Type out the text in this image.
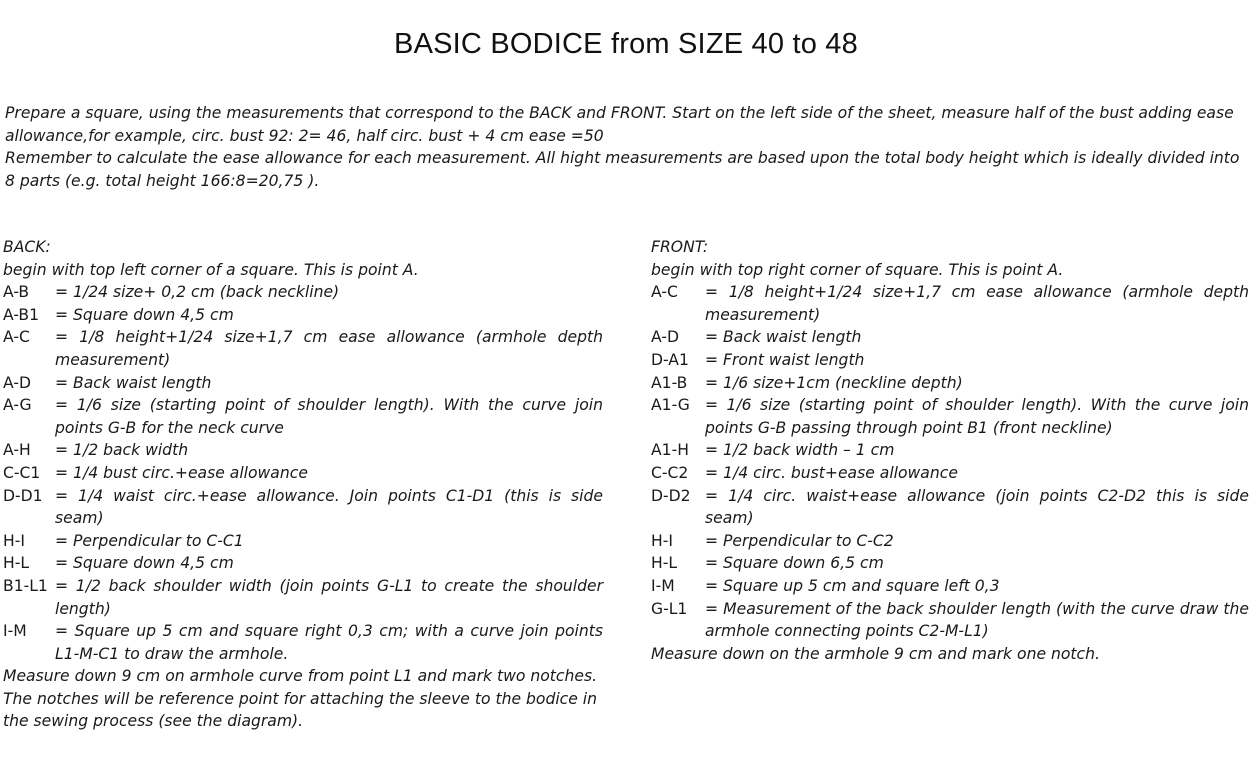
BASIC BODICE from SIZE 40 to 48

Prepare a square, using the measurements that correspond to the BACK and FRONT. Start on the left side of the sheet, measure half of the bust adding ease allowance,for example, circ. bust 92: 2= 46, half circ. bust + 4 cm ease =50

Remember to calculate the ease allowance for each measurement. All hight measurements are based upon the total body height which is ideally divided into 8 parts (e.g. total height 166:8=20,75 ).

BACK:

begin with top left corner of a square. This is point A.

A-B	= 1/24 size+ 0,2 cm (back neckline)
A-B1	= Square down 4,5 cm
A-C	= 1/8 height+1/24 size+1,7 cm ease allowance (armhole depth measurement)
A-D	= Back waist length
A-G	= 1/6 size (starting point of shoulder length). With the curve join points G-B for the neck curve
A-H	= 1/2 back width
C-C1 = 1/4 bust circ.+ease allowance
D-D1 = 1/4 waist circ.+ease allowance. Join points C1-D1 (this is side seam)
H-I	= Perpendicular to C-C1
H-L	= Square down 4,5 cm
B1-L1 = 1/2 back shoulder width (join points G-L1 to create the shoulder length)
I-M	= Square up 5 cm and square right 0,3 cm; with a curve join points L1-M-C1 to draw the armhole.

Measure down 9 cm on armhole curve from point L1 and mark two notches. The notches will be reference point for attaching the sleeve to the bodice in the sewing process (see the diagram).

FRONT:

begin with top right corner of square. This is point A.

A-C	= 1/8 height+1/24 size+1,7 cm ease allowance (armhole depth measurement)
A-D	= Back waist length
D-A1	= Front waist length
A1-B	= 1/6 size+1cm (neckline depth)
A1-G = 1/6 size (starting point of shoulder length). With the curve join points G-B passing through point B1 (front neckline)
A1-H	= 1/2 back width – 1 cm
C-C2	= 1/4 circ. bust+ease allowance
D-D2 = 1/4 circ. waist+ease allowance (join points C2-D2 this is side seam)
H-I	= Perpendicular to C-C2
H-L	= Square down 6,5 cm
I-M	= Square up 5 cm and square left 0,3
G-L1	= Measurement of the back shoulder length (with the curve draw the armhole connecting points C2-M-L1)

Measure down on the armhole 9 cm and mark one notch.
